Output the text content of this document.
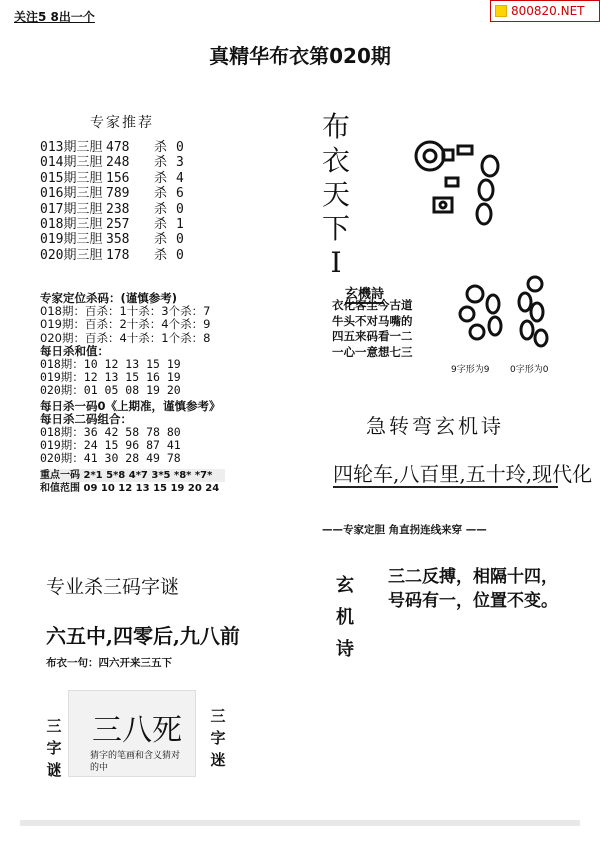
关注5 8出一个	800820.NET
真精华布衣第020期
专家推荐
013期三胆 478 杀 0
014期三胆 248 杀 3
015期三胆 156 杀 4
016期三胆 789 杀 6
017期三胆 238 杀 0
018期三胆 257 杀 1
019期三胆 358 杀 0
020期三胆 178 杀 0
专家定位杀码：(谨慎参考)
018期：百杀：1十杀：3个杀：7
019期：百杀：2十杀：4个杀：9
020期：百杀：4十杀：1个杀：8
每日杀和值：
018期：10 12 13 15 19
019期：12 13 15 16 19
020期：01 05 08 19 20
每日杀一码0《上期准，谨慎参考》
每日杀二码组合：
018期：36 42 58 78 80
019期：24 15 96 87 41
020期：41 30 28 49 78
重点一码 2*1 5*8 4*7 3*5 *8* *7*
和值范围 09 10 12 13 15 19 20 24
专业杀三码字谜
六五中,四零后,九八前
布衣一句：四六开来三五下
三
字
谜
三
字
迷
三八死
猜字的笔画和含义猜对的中
布
衣
天
下
I
玄機詩
衣化客尘今古道
牛头不对马嘴的
四五来码看一二
一心一意想七三
9字形为9 0字形为0
急转弯玄机诗
四轮车,八百里,五十玲,现代化
——专家定胆 角直拐连线来穿 ——
玄
机
诗
三二反搏，相隔十四，
号码有一，位置不变。
